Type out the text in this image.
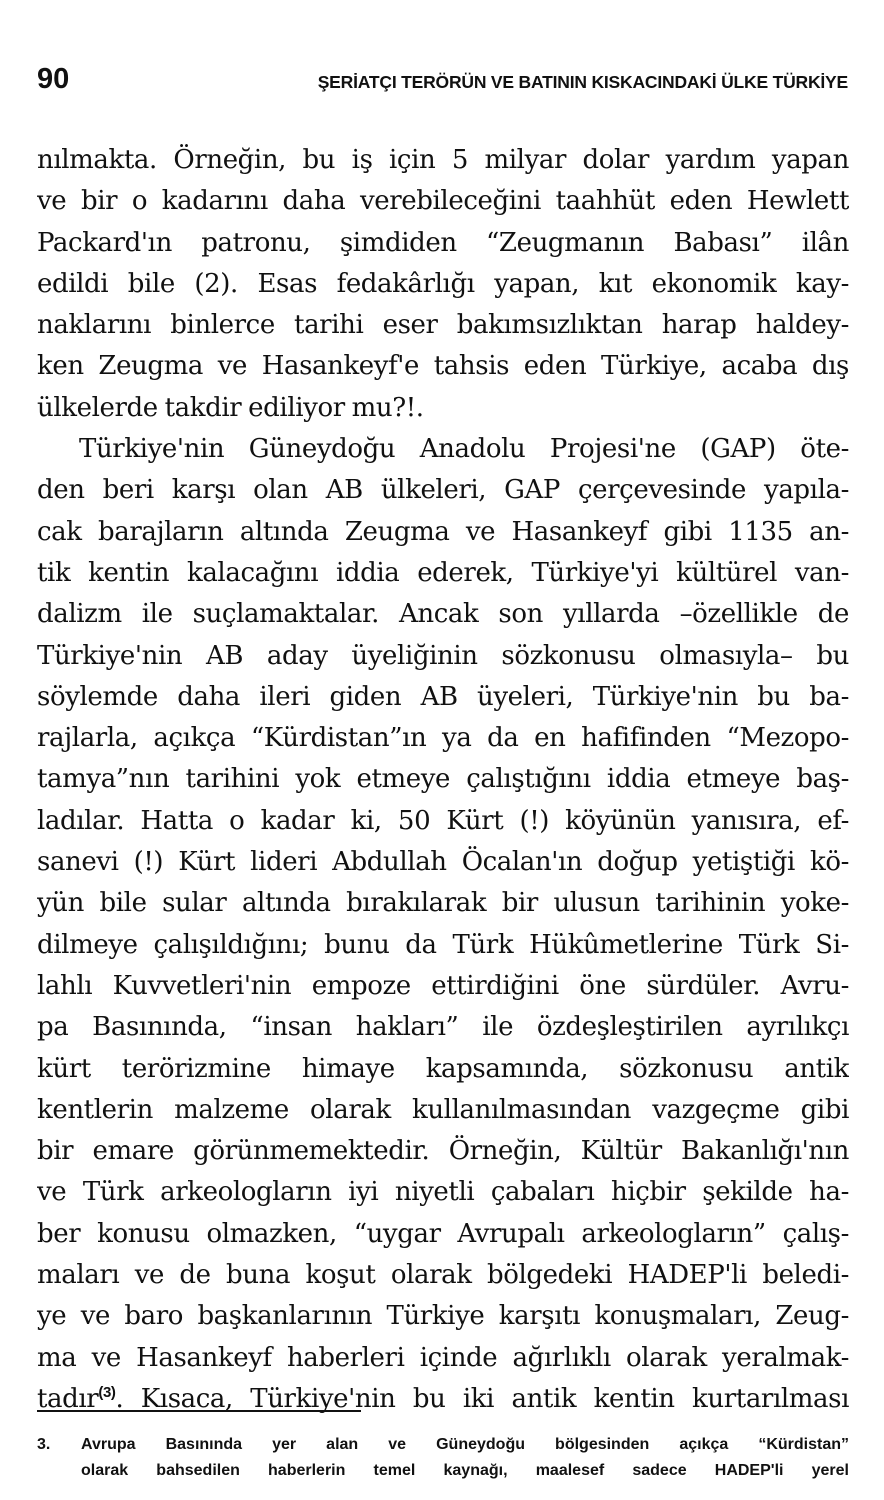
90	ŞERİATÇI TERÖRÜN VE BATININ KISKACINDAKİ ÜLKE TÜRKİYE
nılmakta. Örneğin, bu iş için 5 milyar dolar yardım yapan
ve bir o kadarını daha verebileceğini taahhüt eden Hewlett
Packard'ın patronu, şimdiden “Zeugmanın Babası” ilân
edildi bile (2). Esas fedakârlığı yapan, kıt ekonomik kay-
naklarını binlerce tarihi eser bakımsızlıktan harap haldey-
ken Zeugma ve Hasankeyf'e tahsis eden Türkiye, acaba dış
ülkelerde takdir ediliyor mu?!.
Türkiye'nin Güneydoğu Anadolu Projesi'ne (GAP) öte-
den beri karşı olan AB ülkeleri, GAP çerçevesinde yapıla-
cak barajların altında Zeugma ve Hasankeyf gibi 1135 an-
tik kentin kalacağını iddia ederek, Türkiye'yi kültürel van-
dalizm ile suçlamaktalar. Ancak son yıllarda –özellikle de
Türkiye'nin AB aday üyeliğinin sözkonusu olmasıyla– bu
söylemde daha ileri giden AB üyeleri, Türkiye'nin bu ba-
rajlarla, açıkça “Kürdistan”ın ya da en hafifinden “Mezopo-
tamya”nın tarihini yok etmeye çalıştığını iddia etmeye baş-
ladılar. Hatta o kadar ki, 50 Kürt (!) köyünün yanısıra, ef-
sanevi (!) Kürt lideri Abdullah Öcalan'ın doğup yetiştiği kö-
yün bile sular altında bırakılarak bir ulusun tarihinin yoke-
dilmeye çalışıldığını; bunu da Türk Hükûmetlerine Türk Si-
lahlı Kuvvetleri'nin empoze ettirdiğini öne sürdüler. Avru-
pa Basınında, “insan hakları” ile özdeşleştirilen ayrılıkçı
kürt terörizmine himaye kapsamında, sözkonusu antik
kentlerin malzeme olarak kullanılmasından vazgeçme gibi
bir emare görünmemektedir. Örneğin, Kültür Bakanlığı'nın
ve Türk arkeologların iyi niyetli çabaları hiçbir şekilde ha-
ber konusu olmazken, “uygar Avrupalı arkeologların” çalış-
maları ve de buna koşut olarak bölgedeki HADEP'li beledi-
ye ve baro başkanlarının Türkiye karşıtı konuşmaları, Zeug-
ma ve Hasankeyf haberleri içinde ağırlıklı olarak yeralmak-
tadır$^{(3)}$. Kısaca, Türkiye'nin bu iki antik kentin kurtarılması
3. Avrupa Basınında yer alan ve Güneydoğu bölgesinden açıkça “Kürdistan”
olarak bahsedilen haberlerin temel kaynağı, maalesef sadece HADEP'li yerel
